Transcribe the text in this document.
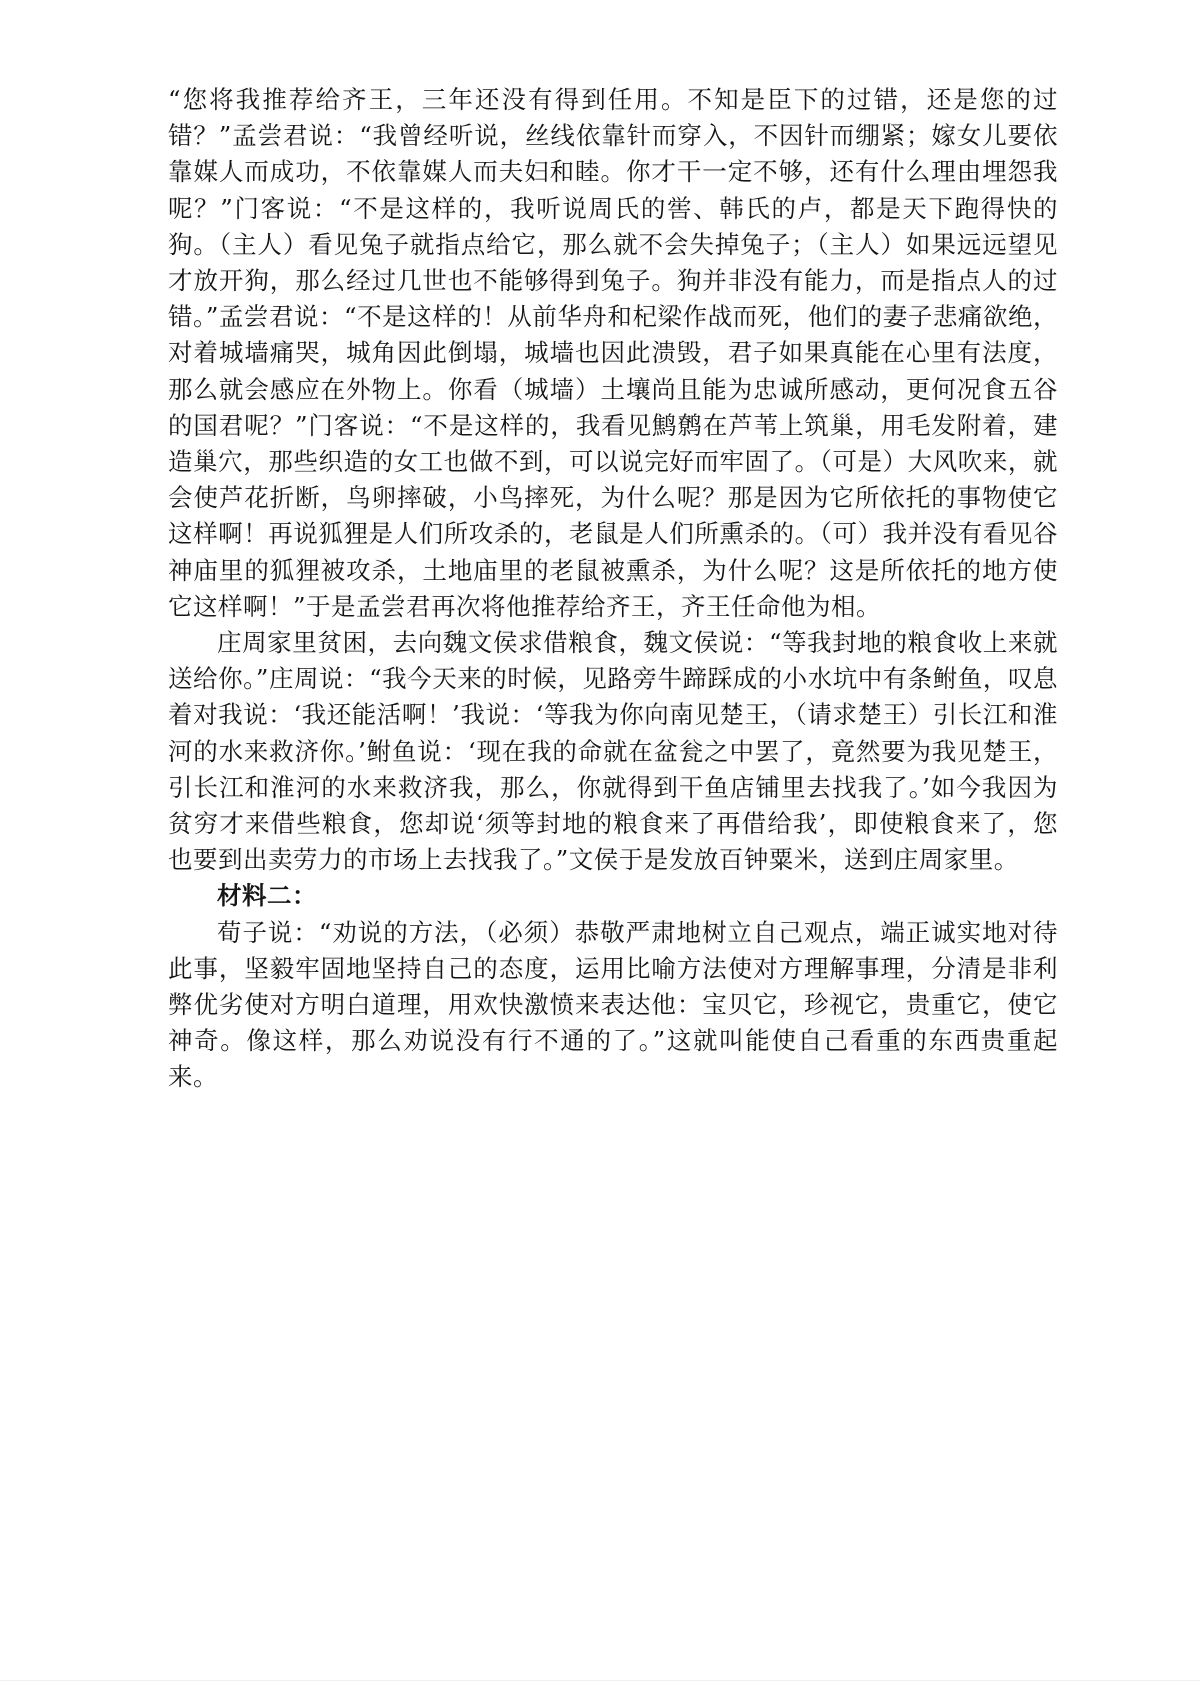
“您将我推荐给齐王，三年还没有得到任用。不知是臣下的过错，还是您的过错？”孟尝君说：“我曾经听说，丝线依靠针而穿入，不因针而绷紧；嫁女儿要依靠媒人而成功，不依靠媒人而夫妇和睦。你才干一定不够，还有什么理由埋怨我呢？”门客说：“不是这样的，我听说周氏的喾、韩氏的卢，都是天下跑得快的狗。（主人）看见兔子就指点给它，那么就不会失掉兔子；（主人）如果远远望见才放开狗，那么经过几世也不能够得到兔子。狗并非没有能力，而是指点人的过错。”孟尝君说：“不是这样的！从前华舟和杞梁作战而死，他们的妻子悲痛欲绝，对着城墙痛哭，城角因此倒塌，城墙也因此溃毁，君子如果真能在心里有法度，那么就会感应在外物上。你看（城墙）土壤尚且能为忠诚所感动，更何况食五谷的国君呢？”门客说：“不是这样的，我看见鹪鹩在芦苇上筑巢，用毛发附着，建造巢穴，那些织造的女工也做不到，可以说完好而牢固了。（可是）大风吹来，就会使芦花折断，鸟卵摔破，小鸟摔死，为什么呢？那是因为它所依托的事物使它这样啊！再说狐狸是人们所攻杀的，老鼠是人们所熏杀的。（可）我并没有看见谷神庙里的狐狸被攻杀，土地庙里的老鼠被熏杀，为什么呢？这是所依托的地方使它这样啊！”于是孟尝君再次将他推荐给齐王，齐王任命他为相。

庄周家里贫困，去向魏文侯求借粮食，魏文侯说：“等我封地的粮食收上来就送给你。”庄周说：“我今天来的时候，见路旁牛蹄踩成的小水坑中有条鲋鱼，叹息着对我说：‘我还能活啊！’我说：‘等我为你向南见楚王，（请求楚王）引长江和淮河的水来救济你。’鲋鱼说：‘现在我的命就在盆瓮之中罢了，竟然要为我见楚王，引长江和淮河的水来救济我，那么，你就得到干鱼店铺里去找我了。’如今我因为贫穷才来借些粮食，您却说‘须等封地的粮食来了再借给我’，即使粮食来了，您也要到出卖劳力的市场上去找我了。”文侯于是发放百钟粟米，送到庄周家里。

材料二：

荀子说：“劝说的方法，（必须）恭敬严肃地树立自己观点，端正诚实地对待此事，坚毅牢固地坚持自己的态度，运用比喻方法使对方理解事理，分清是非利弊优劣使对方明白道理，用欢快激愤来表达他：宝贝它，珍视它，贵重它，使它神奇。像这样，那么劝说没有行不通的了。”这就叫能使自己看重的东西贵重起来。
